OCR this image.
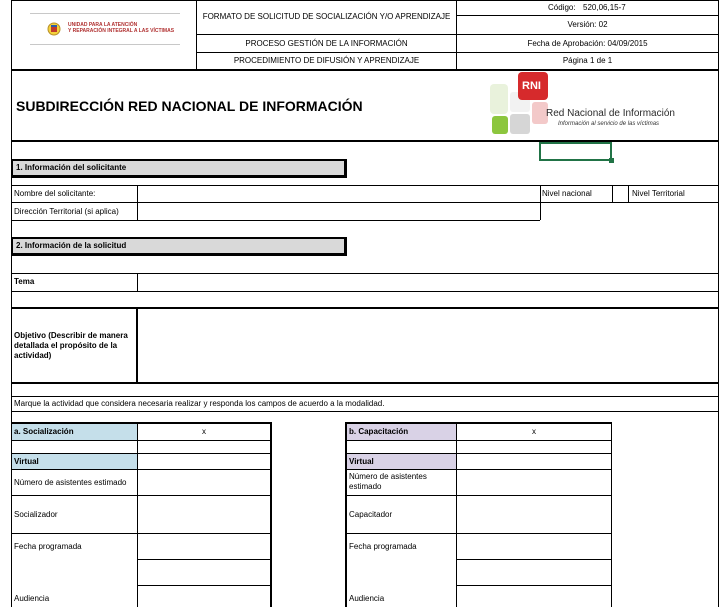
UNIDAD PARA LA ATENCIÓN
Y REPARACIÓN INTEGRAL A LAS VÍCTIMAS
FORMATO DE SOLICITUD DE SOCIALIZACIÓN Y/O APRENDIZAJE
PROCESO GESTIÓN DE LA INFORMACIÓN
PROCEDIMIENTO DE DIFUSIÓN Y APRENDIZAJE
Código: 520,06,15-7
Versión: 02
Fecha de Aprobación: 04/09/2015
Página 1 de 1
SUBDIRECCIÓN RED NACIONAL DE INFORMACIÓN
RNI
Red Nacional de Información
Información al servicio de las víctimas
1. Información del solicitante
Nombre del solicitante:	Nivel nacional	Nivel Territorial
Dirección Territorial (si aplica)
2. Información de la solicitud
Tema
Objetivo (Describir de manera detallada el propósito de la actividad)
Marque la actividad que considera necesaria realizar y responda los campos de acuerdo a la modalidad.
a. Socialización	x
Virtual
Número de asistentes estimado
Socializador
Fecha programada
Audiencia
b. Capacitación	x
Virtual
Número de asistentes estimado
Capacitador
Fecha programada
Audiencia
